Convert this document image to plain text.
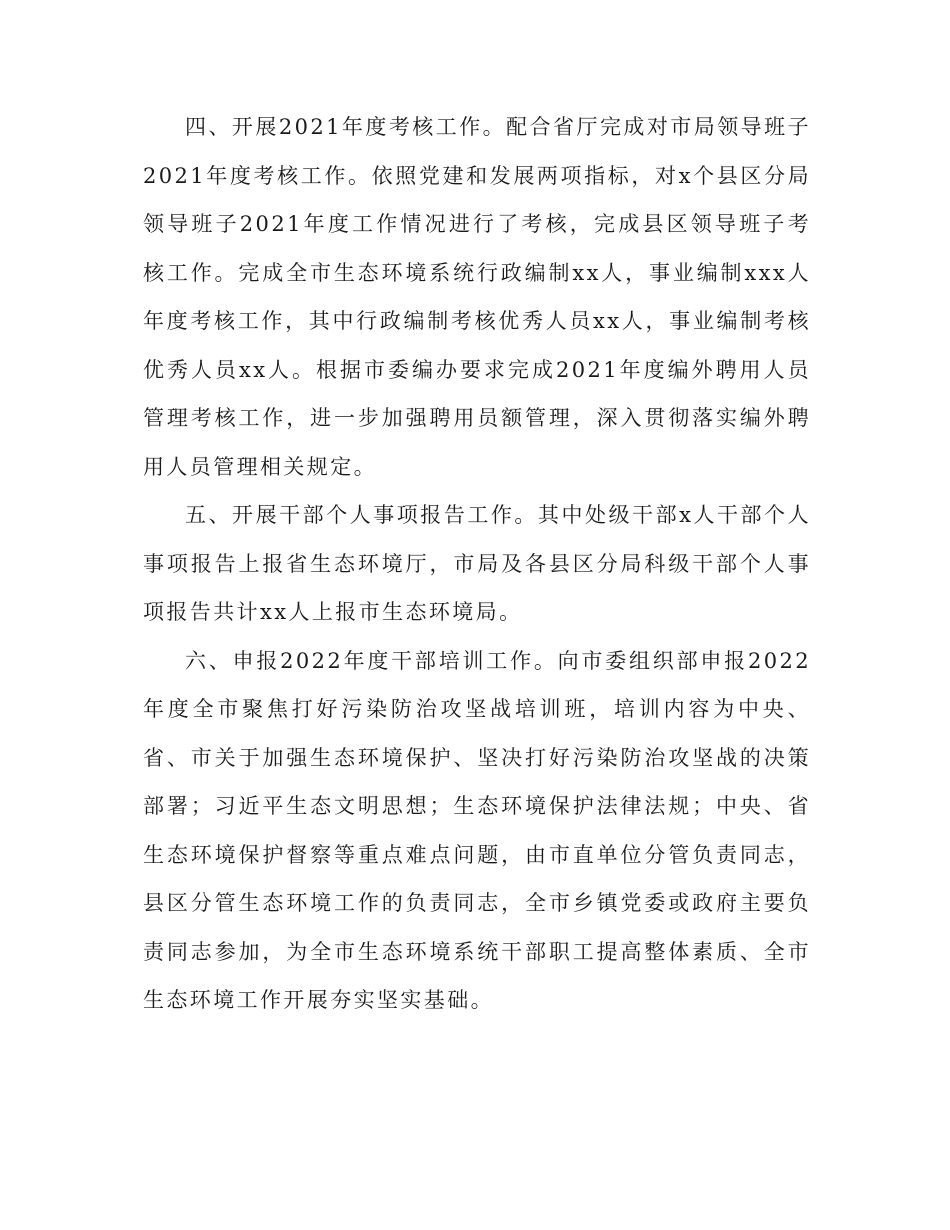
四、开展2021年度考核工作。配合省厅完成对市局领导班子2021年度考核工作。依照党建和发展两项指标，对x个县区分局领导班子2021年度工作情况进行了考核，完成县区领导班子考核工作。完成全市生态环境系统行政编制xx人，事业编制xxx人年度考核工作，其中行政编制考核优秀人员xx人，事业编制考核优秀人员xx人。根据市委编办要求完成2021年度编外聘用人员管理考核工作，进一步加强聘用员额管理，深入贯彻落实编外聘用人员管理相关规定。

五、开展干部个人事项报告工作。其中处级干部x人干部个人事项报告上报省生态环境厅，市局及各县区分局科级干部个人事项报告共计xx人上报市生态环境局。

六、申报2022年度干部培训工作。向市委组织部申报2022年度全市聚焦打好污染防治攻坚战培训班，培训内容为中央、省、市关于加强生态环境保护、坚决打好污染防治攻坚战的决策部署；习近平生态文明思想；生态环境保护法律法规；中央、省生态环境保护督察等重点难点问题，由市直单位分管负责同志，县区分管生态环境工作的负责同志，全市乡镇党委或政府主要负责同志参加，为全市生态环境系统干部职工提高整体素质、全市生态环境工作开展夯实坚实基础。
